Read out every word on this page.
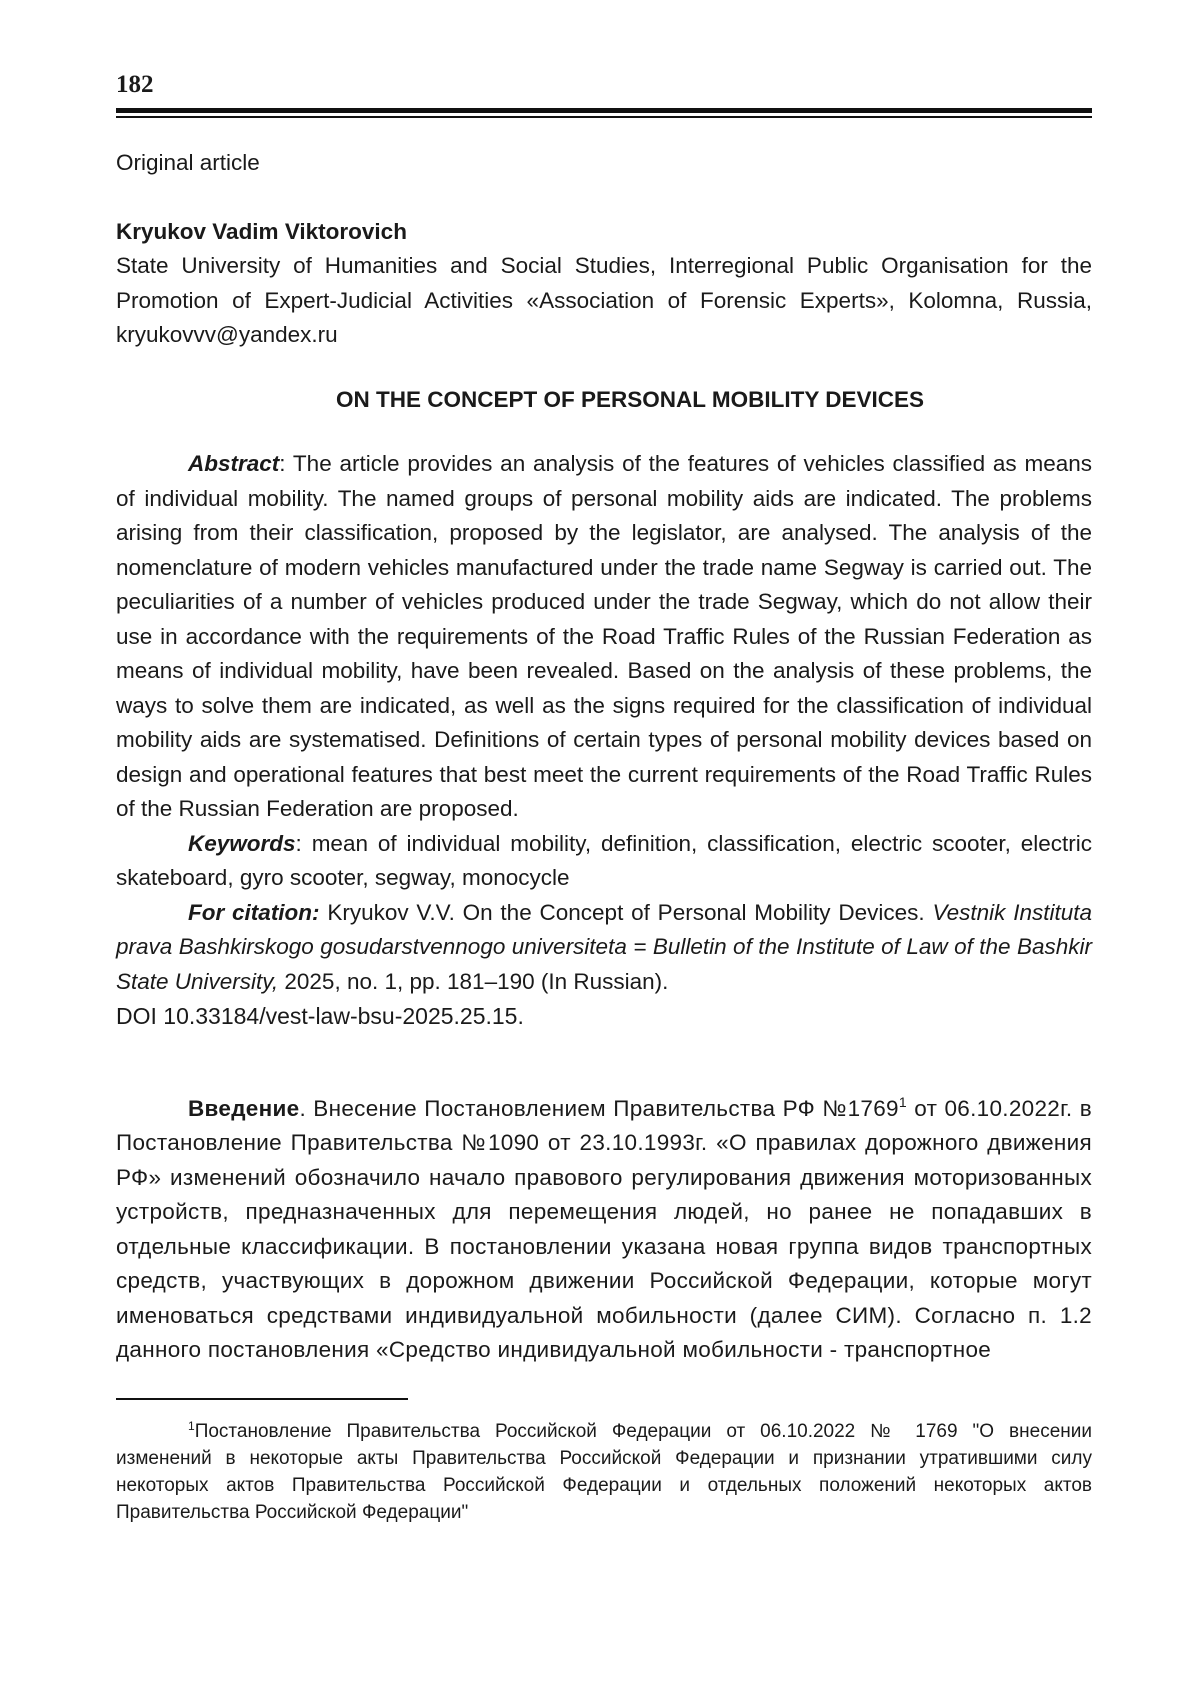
182

Original article

Kryukov Vadim Viktorovich

State University of Humanities and Social Studies, Interregional Public Organisation for the Promotion of Expert-Judicial Activities «Association of Forensic Experts», Kolomna, Russia, kryukovvv@yandex.ru

ON THE CONCEPT OF PERSONAL MOBILITY DEVICES

Abstract: The article provides an analysis of the features of vehicles classified as means of individual mobility. The named groups of personal mobility aids are indicated. The problems arising from their classification, proposed by the legislator, are analysed. The analysis of the nomenclature of modern vehicles manufactured under the trade name Segway is carried out. The peculiarities of a number of vehicles produced under the trade Segway, which do not allow their use in accordance with the requirements of the Road Traffic Rules of the Russian Federation as means of individual mobility, have been revealed. Based on the analysis of these problems, the ways to solve them are indicated, as well as the signs required for the classification of individual mobility aids are systematised. Definitions of certain types of personal mobility devices based on design and operational features that best meet the current requirements of the Road Traffic Rules of the Russian Federation are proposed.

Keywords: mean of individual mobility, definition, classification, electric scooter, electric skateboard, gyro scooter, segway, monocycle

For citation: Kryukov V.V. On the Concept of Personal Mobility Devices. Vestnik Instituta prava Bashkirskogo gosudarstvennogo universiteta = Bulletin of the Institute of Law of the Bashkir State University, 2025, no. 1, pp. 181–190 (In Russian).

DOI 10.33184/vest-law-bsu-2025.25.15.

Введение. Внесение Постановлением Правительства РФ №1769$^1$ от 06.10.2022г. в Постановление Правительства №1090 от 23.10.1993г. «О правилах дорожного движения РФ» изменений обозначило начало правового регулирования движения моторизованных устройств, предназначенных для перемещения людей, но ранее не попадавших в отдельные классификации. В постановлении указана новая группа видов транспортных средств, участвующих в дорожном движении Российской Федерации, которые могут именоваться средствами индивидуальной мобильности (далее СИМ). Согласно п. 1.2 данного постановления «Средство индивидуальной мобильности - транспортное

$^1$Постановление Правительства Российской Федерации от 06.10.2022 № 1769 "О внесении изменений в некоторые акты Правительства Российской Федерации и признании утратившими силу некоторых актов Правительства Российской Федерации и отдельных положений некоторых актов Правительства Российской Федерации"
